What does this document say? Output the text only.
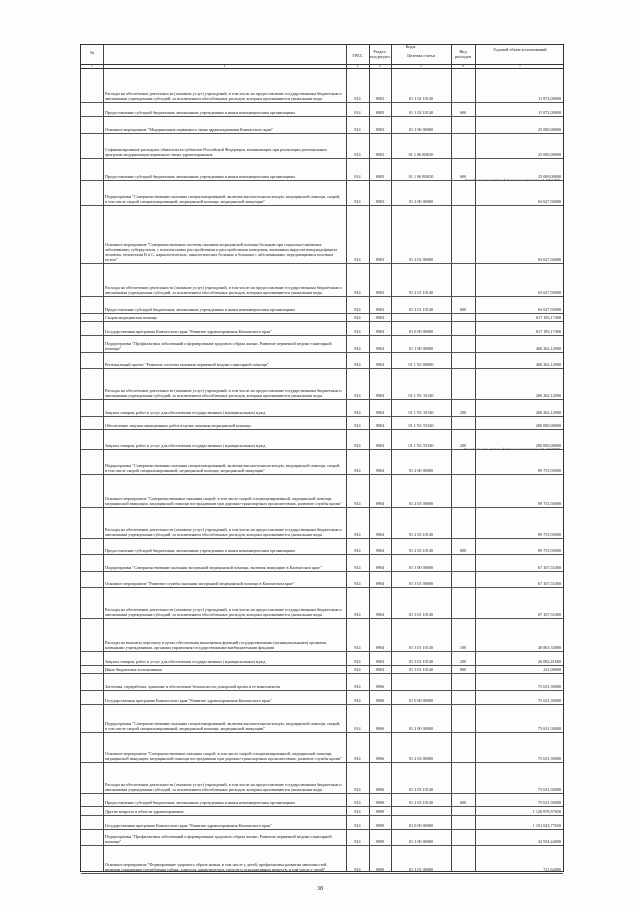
№
Коды
ГРБС
Раздел, под-раздел	Целевая статья
Вид расходов
Годовой объем ассигнований
1	2	3	4	5	6	7
Расходы на обеспечение деятельности (оказание услуг) учреждений, в том числе на предоставление государственным бюджетным и автономным учреждениям субсидий, за исключением обособленных расходов, которым присваиваются уникальные коды	814	0903	01 1 02 10140	11 872,00000
Предоставление субсидий бюджетным, автономным учреждениям и иным некоммерческим организациям	814	0903	01 1 02 10140	600	11 872,00000
Основное мероприятие "Модернизация первичного звена здравоохранения Камчатского края"	814	0903	01 1 06 00000	25 000,00000
Софинансирование расходных обязательств субъектов Российской Федерации, возникающих при реализации региональных программ модернизации первичного звена здравоохранения	814	0903	01 1 06 R3650	25 000,00000
Предоставление субсидий бюджетным, автономным учреждениям и иным некоммерческим организациям	814	0903	01 1 06 R3650	600	25 000,00000
Расходы за счет средств федерального бюджета 24 436,84396
Подпрограмма "Совершенствование оказания специализированной, включая высокотехнологичную, медицинской помощи, скорой, в том числе скорой специализированной, медицинской помощи, медицинской эвакуации"	814	0903	01 2 00 00000	63 627,50000
Основное мероприятие "Совершенствование системы оказания медицинской помощи больным при социально-значимых заболеваниях, туберкулезом, с психическими расстройствами и расстройствами поведения, вызванных вирусом иммунодефицита человека, гепатитами В и С, наркологических, онкологических больных и больным с заболеваниями, передающимися половым путем"	814	0903	01 2 01 00000	63 627,50000
Расходы на обеспечение деятельности (оказание услуг) учреждений, в том числе на предоставление государственным бюджетным и автономным учреждениям субсидий, за исключением обособленных расходов, которым присваиваются уникальные коды	814	0903	01 2 01 10140	63 627,50000
Предоставление субсидий бюджетным, автономным учреждениям и иным некоммерческим организациям	814	0903	01 2 01 10140	600	63 627,50000
Скорая медицинская помощь	814	0904	617 183,17400
Государственная программа Камчатского края "Развитие здравоохранения Камчатского края"	814	0904	01 0 00 00000	617 183,17400
Подпрограмма "Профилактика заболеваний и формирование здорового образа жизни. Развитие первичной медико-санитарной помощи"	814	0904	01 1 00 00000	460 262,12000
Региональный проект "Развитие системы оказания первичной медико-санитарной помощи"	814	0904	01 1 N1 00000	460 262,12000
Расходы на обеспечение деятельности (оказание услуг) учреждений, в том числе на предоставление государственным бюджетным и автономным учреждениям субсидий, за исключением обособленных расходов, которым присваиваются уникальные коды	814	0904	01 1 N1 10140	260 262,12000
Закупка товаров, работ и услуг для обеспечения государственных (муниципальных) нужд	814	0904	01 1 N1 10140	200	260 262,12000
Обеспечение закупки авиационных работ в целях оказания медицинской помощи	814	0904	01 1 N1 55540	200 000,00000
Закупка товаров, работ и услуг для обеспечения государственных (муниципальных) нужд	814	0904	01 1 N1 55540	200	200 000,00000
Расходы за счет средств федерального бюджета 115 100,00000
Подпрограмма "Совершенствование оказания специализированной, включая высокотехнологичную, медицинской помощи, скорой, в том числе скорой специализированной, медицинской помощи, медицинской эвакуации"	814	0904	01 2 00 00000	89 753,50000
Основное мероприятие "Совершенствование оказания скорой, в том числе скорой специализированной, медицинской помощи, медицинской эвакуации, медицинской помощи пострадавшим при дорожно-транспортных происшествиях, развитие службы крови"	814	0904	01 2 03 00000	89 753,50000
Расходы на обеспечение деятельности (оказание услуг) учреждений, в том числе на предоставление государственным бюджетным и автономным учреждениям субсидий, за исключением обособленных расходов, которым присваиваются уникальные коды	814	0904	01 2 03 10140	89 753,50000
Предоставление субсидий бюджетным, автономным учреждениям и иным некоммерческим организациям	814	0904	01 2 03 10140	600	89 753,50000
Подпрограмма "Совершенствование оказания экстренной медицинской помощи, включая эвакуацию в Камчатском крае"	814	0904	01 5 00 00000	67 167,55400
Основное мероприятие "Развитие службы оказания экстренной медицинской помощи в Камчатском крае"	814	0904	01 5 01 00000	67 167,55400
Расходы на обеспечение деятельности (оказание услуг) учреждений, в том числе на предоставление государственным бюджетным и автономным учреждениям субсидий, за исключением обособленных расходов, которым присваиваются уникальные коды	814	0904	01 5 01 10140	67 167,55400
Расходы на выплаты персоналу в целях обеспечения выполнения функций государственными (муниципальными) органами, казенными учреждениями, органами управления государственными внебюджетными фондами	814	0904	01 5 01 10140	100	40 863,33800
Закупка товаров, работ и услуг для обеспечения государственных (муниципальных) нужд	814	0904	01 5 01 10140	200	26 082,41600
Иные бюджетные ассигнования	814	0904	01 5 01 10140	800	222,00000
Заготовка, переработка, хранение и обеспечение безопасности донорской крови и ее компонентов	814	0906	75 631,30000
Государственная программа Камчатского края "Развитие здравоохранения Камчатского края"	814	0906	01 0 00 00000	75 631,30000
Подпрограмма "Совершенствование оказания специализированной, включая высокотехнологичную, медицинской помощи, скорой, в том числе скорой специализированной, медицинской помощи, медицинской эвакуации"	814	0906	01 2 00 00000	75 631,30000
Основное мероприятие "Совершенствование оказания скорой, в том числе скорой специализированной, медицинской помощи, медицинской эвакуации, медицинской помощи пострадавшим при дорожно-транспортных происшествиях, развитие службы крови"	814	0906	01 2 03 00000	75 631,30000
Расходы на обеспечение деятельности (оказание услуг) учреждений, в том числе на предоставление государственным бюджетным и автономным учреждениям субсидий, за исключением обособленных расходов, которым присваиваются уникальные коды	814	0906	01 2 03 10140	75 631,30000
Предоставление субсидий бюджетным, автономным учреждениям и иным некоммерческим организациям	814	0906	01 2 03 10140	600	75 631,30000
Другие вопросы в области здравоохранения	814	0909	1 120 878,57650
Государственная программа Камчатского края "Развитие здравоохранения Камчатского края"	814	0909	01 0 00 00000	1 101 023,77650
Подпрограмма "Профилактика заболеваний и формирование здорового образа жизни. Развитие первичной медико-санитарной помощи"	814	0909	01 1 00 00000	32 934,44000
Основное мероприятие "Формирование здорового образа жизни, в том числе у детей, профилактика развития зависимостей, включая сокращение потребления табака, алкоголя, наркотических средств и психоактивных веществ, в том числе у детей"	814	0909	01 1 01 00000	721,64000
38
